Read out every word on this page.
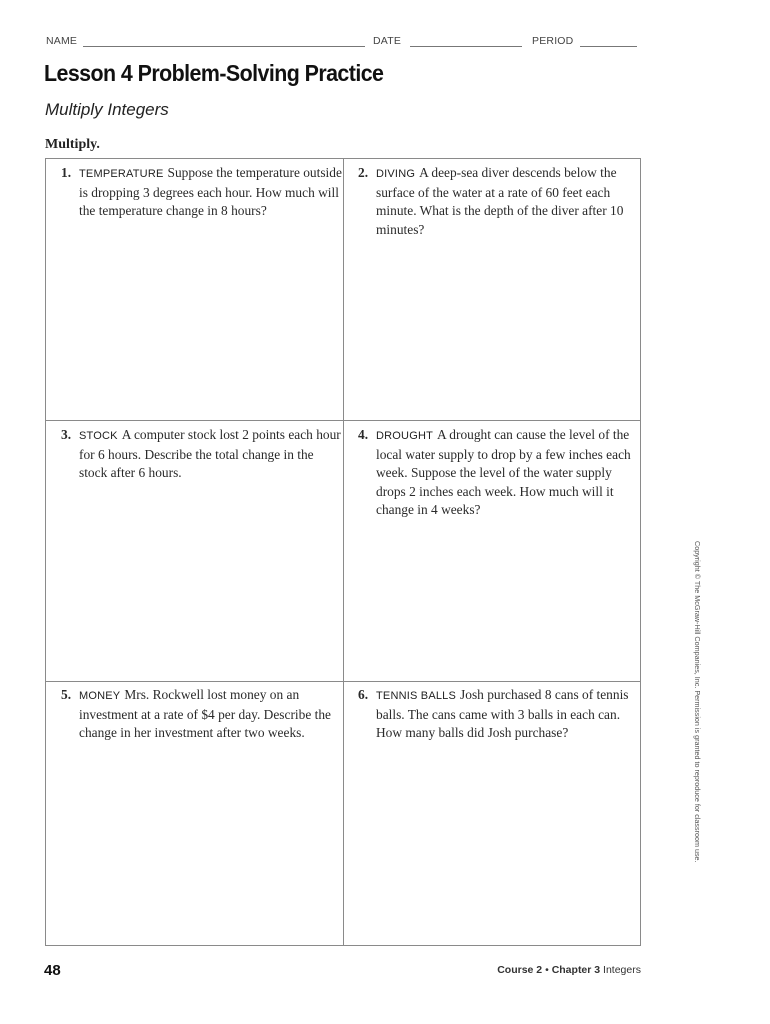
NAME	DATE	PERIOD
Lesson 4 Problem-Solving Practice
Multiply Integers
Multiply.
1. TEMPERATURE Suppose the temperature outside is dropping 3 degrees each hour. How much will the temperature change in 8 hours?
2. DIVING A deep-sea diver descends below the surface of the water at a rate of 60 feet each minute. What is the depth of the diver after 10 minutes?
3. STOCK A computer stock lost 2 points each hour for 6 hours. Describe the total change in the stock after 6 hours.
4. DROUGHT A drought can cause the level of the local water supply to drop by a few inches each week. Suppose the level of the water supply drops 2 inches each week. How much will it change in 4 weeks?
5. MONEY Mrs. Rockwell lost money on an investment at a rate of $4 per day. Describe the change in her investment after two weeks.
6. TENNIS BALLS Josh purchased 8 cans of tennis balls. The cans came with 3 balls in each can. How many balls did Josh purchase?	Copyright © The McGraw-Hill Companies, Inc. Permission is granted to reproduce for classroom use.
48	Course 2 • Chapter 3 Integers
